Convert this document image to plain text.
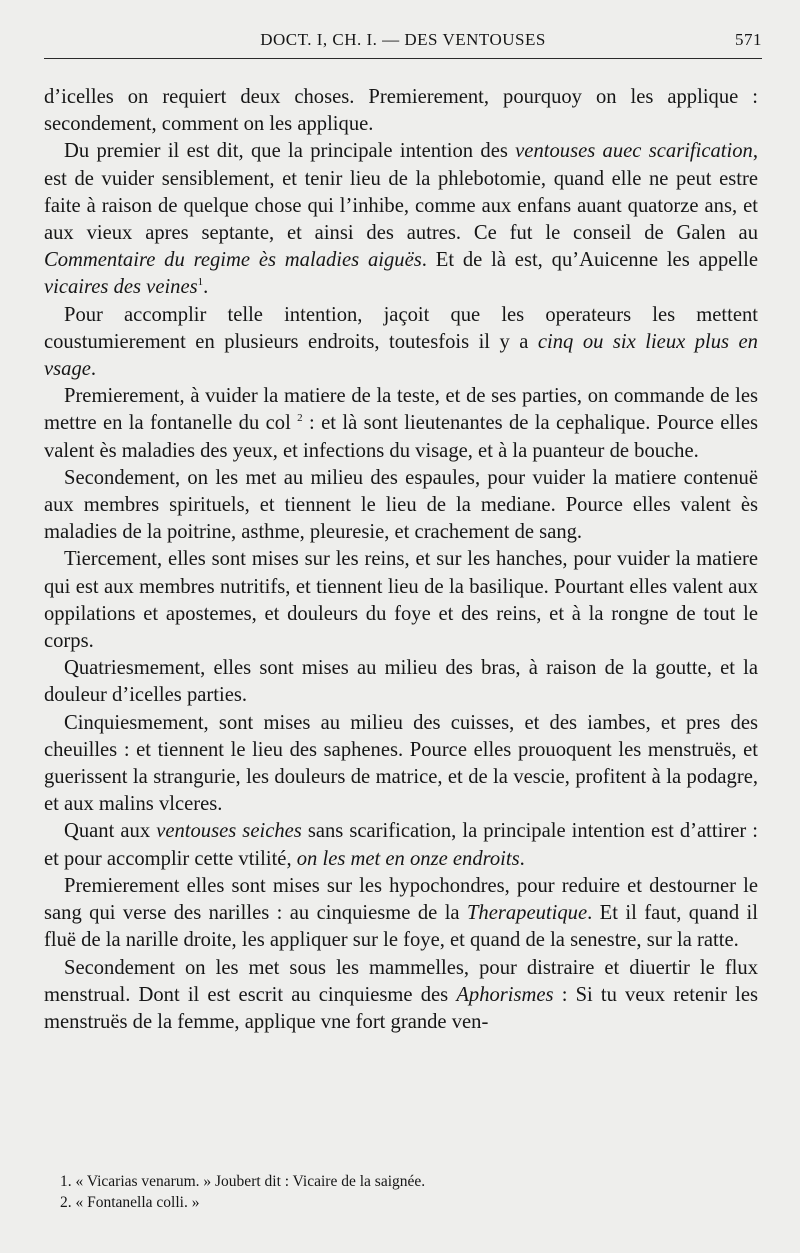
DOCT. I, CH. I. — DES VENTOUSES	571

d’icelles on requiert deux choses. Premierement, pourquoy on les applique : secondement, comment on les applique.

Du premier il est dit, que la principale intention des ventouses auec scarification, est de vuider sensiblement, et tenir lieu de la phlebotomie, quand elle ne peut estre faite à raison de quelque chose qui l’inhibe, comme aux enfans auant quatorze ans, et aux vieux apres septante, et ainsi des autres. Ce fut le conseil de Galen au Commentaire du regime ès maladies aiguës. Et de là est, qu’Auicenne les appelle vicaires des veines$^1$.

Pour accomplir telle intention, jaçoit que les operateurs les mettent coustumierement en plusieurs endroits, toutesfois il y a cinq ou six lieux plus en vsage.

Premierement, à vuider la matiere de la teste, et de ses parties, on commande de les mettre en la fontanelle du col $^2$ : et là sont lieutenantes de la cephalique. Pource elles valent ès maladies des yeux, et infections du visage, et à la puanteur de bouche.

Secondement, on les met au milieu des espaules, pour vuider la matiere contenuë aux membres spirituels, et tiennent le lieu de la mediane. Pource elles valent ès maladies de la poitrine, asthme, pleuresie, et crachement de sang.

Tiercement, elles sont mises sur les reins, et sur les hanches, pour vuider la matiere qui est aux membres nutritifs, et tiennent lieu de la basilique. Pourtant elles valent aux oppilations et apostemes, et douleurs du foye et des reins, et à la rongne de tout le corps.

Quatriesmement, elles sont mises au milieu des bras, à raison de la goutte, et la douleur d’icelles parties.

Cinquiesmement, sont mises au milieu des cuisses, et des iambes, et pres des cheuilles : et tiennent le lieu des saphenes. Pource elles prouoquent les menstruës, et guerissent la strangurie, les douleurs de matrice, et de la vescie, profitent à la podagre, et aux malins vlceres.

Quant aux ventouses seiches sans scarification, la principale intention est d’attirer : et pour accomplir cette vtilité, on les met en onze endroits.

Premierement elles sont mises sur les hypochondres, pour reduire et destourner le sang qui verse des narilles : au cinquiesme de la Therapeutique. Et il faut, quand il fluë de la narille droite, les appliquer sur le foye, et quand de la senestre, sur la ratte.

Secondement on les met sous les mammelles, pour distraire et diuertir le flux menstrual. Dont il est escrit au cinquiesme des Aphorismes : Si tu veux retenir les menstruës de la femme, applique vne fort grande ven-

1. « Vicarias venarum. » Joubert dit : Vicaire de la saignée.
2. « Fontanella colli. »
